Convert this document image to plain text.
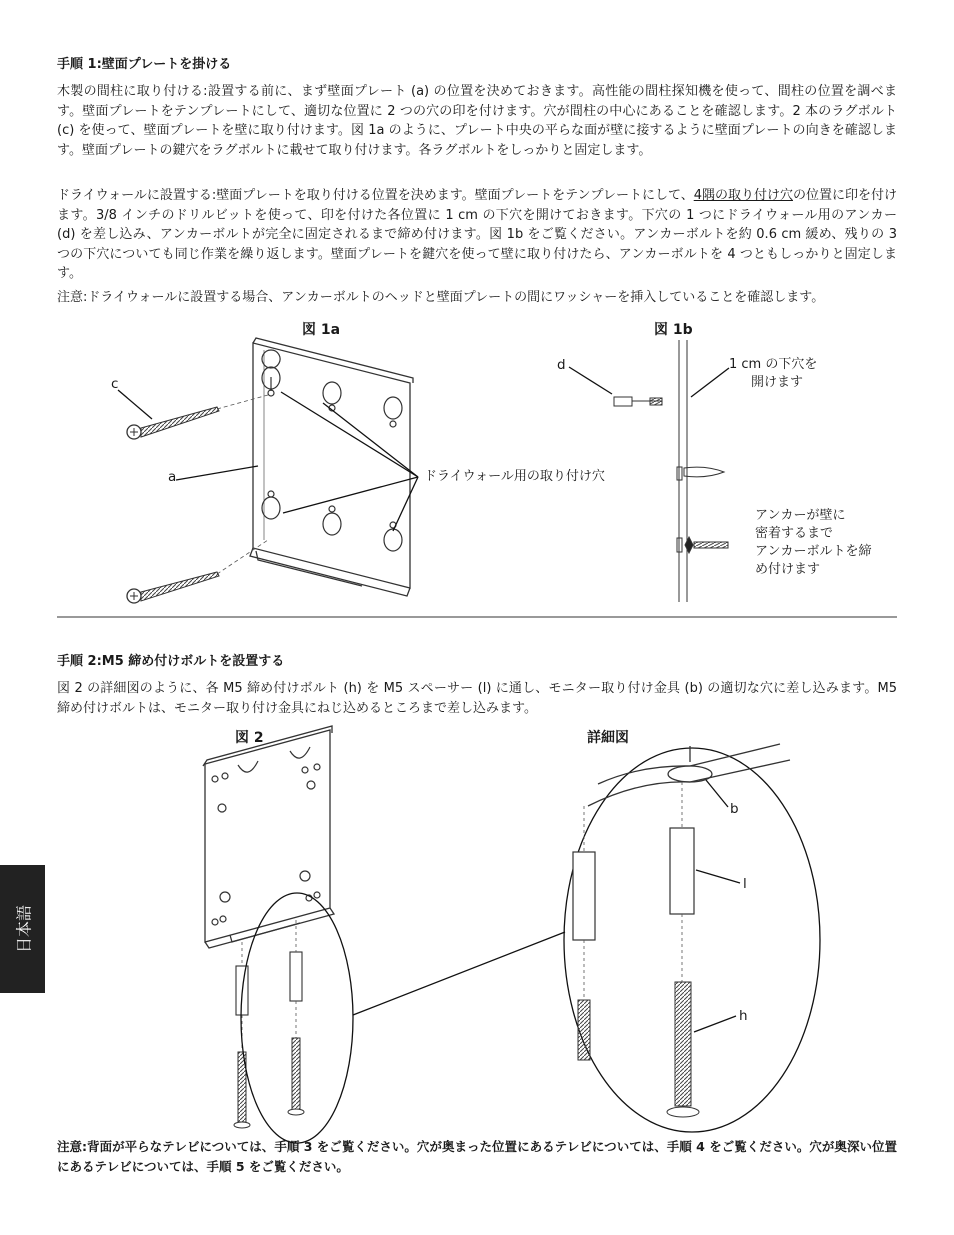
手順 1:壁面プレートを掛ける
木製の間柱に取り付ける:設置する前に、まず壁面プレート (a) の位置を決めておきます。高性能の間柱探知機を使って、間柱の位置を調べます。壁面プレートをテンプレートにして、適切な位置に 2 つの穴の印を付けます。穴が間柱の中心にあることを確認します。2 本のラグボルト (c) を使って、壁面プレートを壁に取り付けます。図 1a のように、プレート中央の平らな面が壁に接するように壁面プレートの向きを確認します。壁面プレートの鍵穴をラグボルトに載せて取り付けます。各ラグボルトをしっかりと固定します。
ドライウォールに設置する:壁面プレートを取り付ける位置を決めます。壁面プレートをテンプレートにして、4隅の取り付け穴の位置に印を付けます。3/8 インチのドリルビットを使って、印を付けた各位置に 1 cm の下穴を開けておきます。下穴の 1 つにドライウォール用のアンカー (d) を差し込み、アンカーボルトが完全に固定されるまで締め付けます。図 1b をご覧ください。アンカーボルトを約 0.6 cm 緩め、残りの 3 つの下穴についても同じ作業を繰り返します。壁面プレートを鍵穴を使って壁に取り付けたら、アンカーボルトを 4 つともしっかりと固定します。
注意:ドライウォールに設置する場合、アンカーボルトのヘッドと壁面プレートの間にワッシャーを挿入していることを確認します。
図 1a	図 1b
c
a	ドライウォール用の取り付け穴
d	1 cm の下穴を
開けます
アンカーが壁に
密着するまで
アンカーボルトを締
め付けます
手順 2:M5 締め付けボルトを設置する
図 2 の詳細図のように、各 M5 締め付けボルト (h) を M5 スペーサー (l) に通し、モニター取り付け金具 (b) の適切な穴に差し込みます。M5 締め付けボルトは、モニター取り付け金具にねじ込めるところまで差し込みます。
図 2	詳細図
b
l
h
注意:背面が平らなテレビについては、手順 3 をご覧ください。穴が奥まった位置にあるテレビについては、手順 4 をご覧ください。穴が奥深い位置にあるテレビについては、手順 5 をご覧ください。
日本語
